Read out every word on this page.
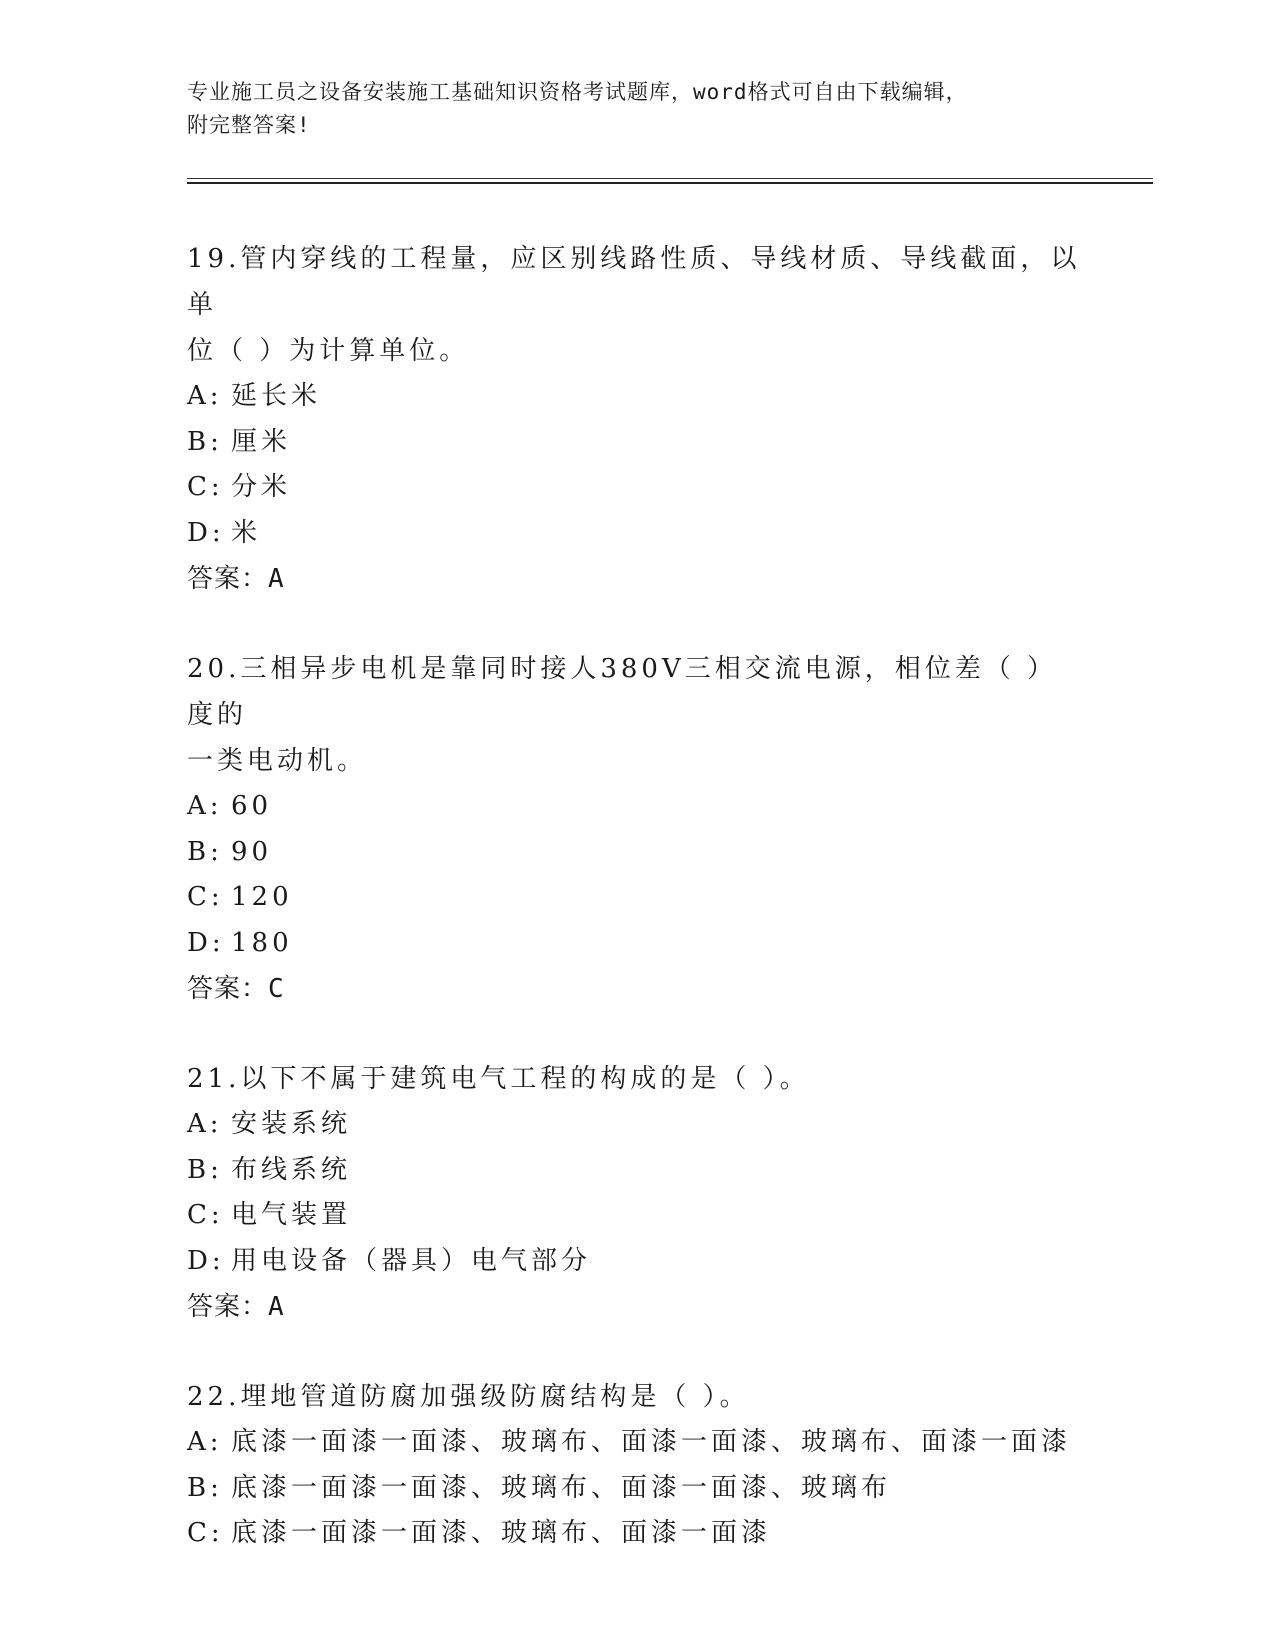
专业施工员之设备安装施工基础知识资格考试题库，word格式可自由下载编辑，
附完整答案!

19.管内穿线的工程量，应区别线路性质、导线材质、导线截面，以单

位（ ）为计算单位。

A: 延长米

B: 厘米

C: 分米

D: 米

答案：A

20.三相异步电机是靠同时接人380V三相交流电源，相位差（ ）度的

一类电动机。

A: 60

B: 90

C: 120

D: 180

答案：C

21.以下不属于建筑电气工程的构成的是（ ）。

A: 安装系统

B: 布线系统

C: 电气装置

D: 用电设备（器具）电气部分

答案：A

22.埋地管道防腐加强级防腐结构是（ ）。

A: 底漆一面漆一面漆、玻璃布、面漆一面漆、玻璃布、面漆一面漆

B: 底漆一面漆一面漆、玻璃布、面漆一面漆、玻璃布

C: 底漆一面漆一面漆、玻璃布、面漆一面漆
